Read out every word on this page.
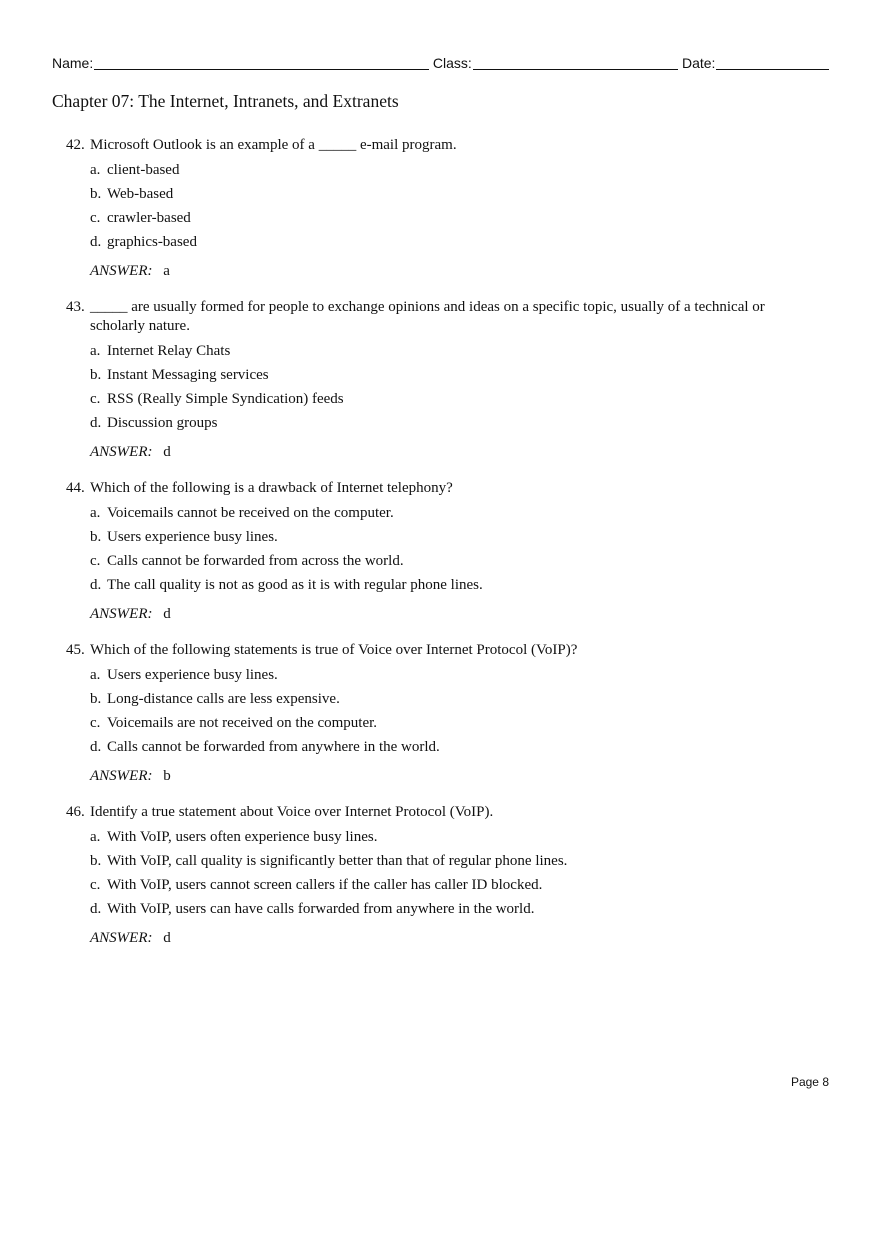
Name:	Class:	Date:
Chapter 07: The Internet, Intranets, and Extranets
42. Microsoft Outlook is an example of a _____ e-mail program.
a. client-based
b. Web-based
c. crawler-based
d. graphics-based
ANSWER: a
43. _____ are usually formed for people to exchange opinions and ideas on a specific topic, usually of a technical or scholarly nature.
a. Internet Relay Chats
b. Instant Messaging services
c. RSS (Really Simple Syndication) feeds
d. Discussion groups
ANSWER: d
44. Which of the following is a drawback of Internet telephony?
a. Voicemails cannot be received on the computer.
b. Users experience busy lines.
c. Calls cannot be forwarded from across the world.
d. The call quality is not as good as it is with regular phone lines.
ANSWER: d
45. Which of the following statements is true of Voice over Internet Protocol (VoIP)?
a. Users experience busy lines.
b. Long-distance calls are less expensive.
c. Voicemails are not received on the computer.
d. Calls cannot be forwarded from anywhere in the world.
ANSWER: b
46. Identify a true statement about Voice over Internet Protocol (VoIP).
a. With VoIP, users often experience busy lines.
b. With VoIP, call quality is significantly better than that of regular phone lines.
c. With VoIP, users cannot screen callers if the caller has caller ID blocked.
d. With VoIP, users can have calls forwarded from anywhere in the world.
ANSWER: d
Page 8
